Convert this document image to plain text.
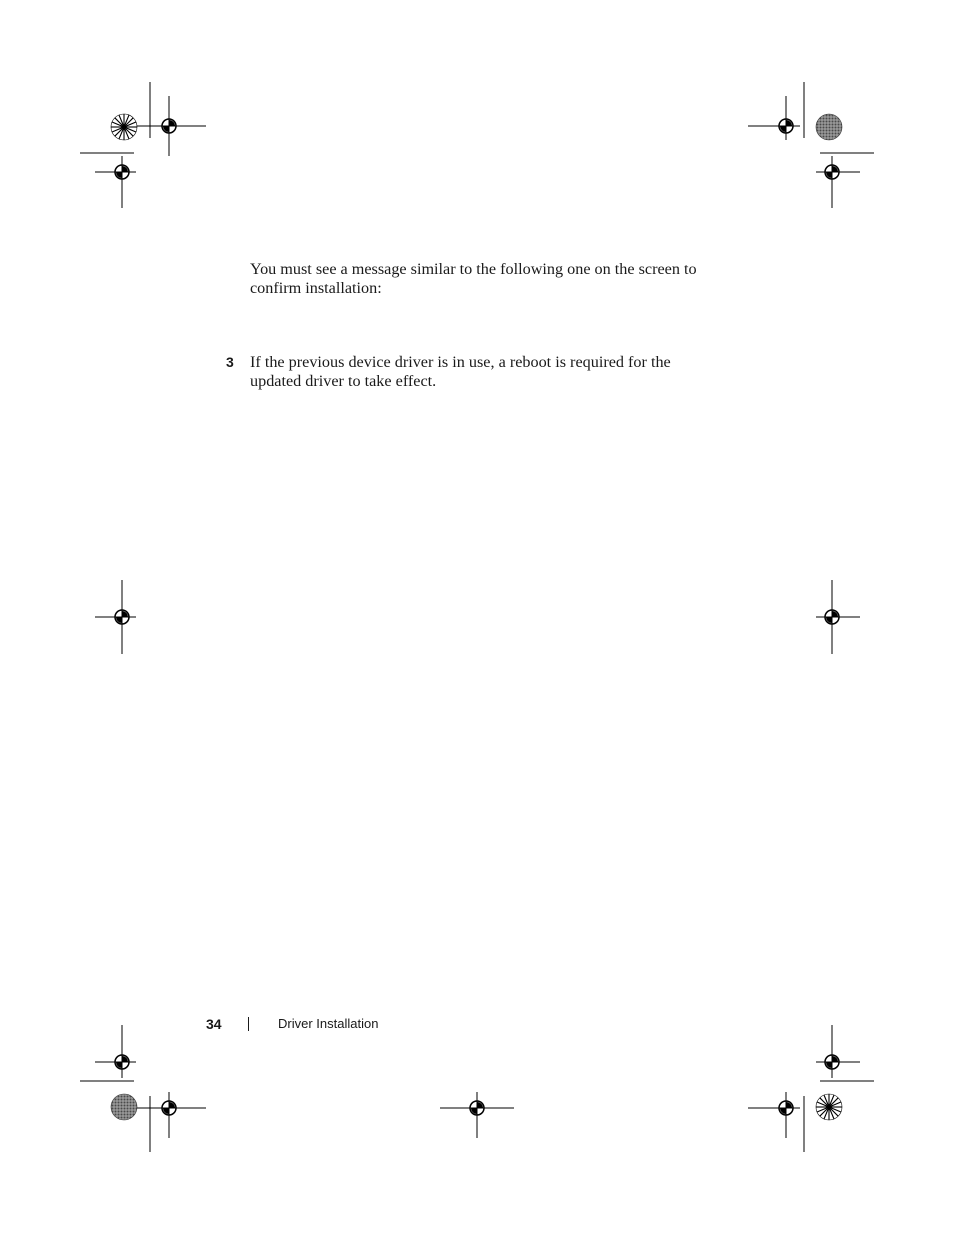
You must see a message similar to the following one on the screen to confirm installation:

3 If the previous device driver is in use, a reboot is required for the updated driver to take effect.

34	Driver Installation
